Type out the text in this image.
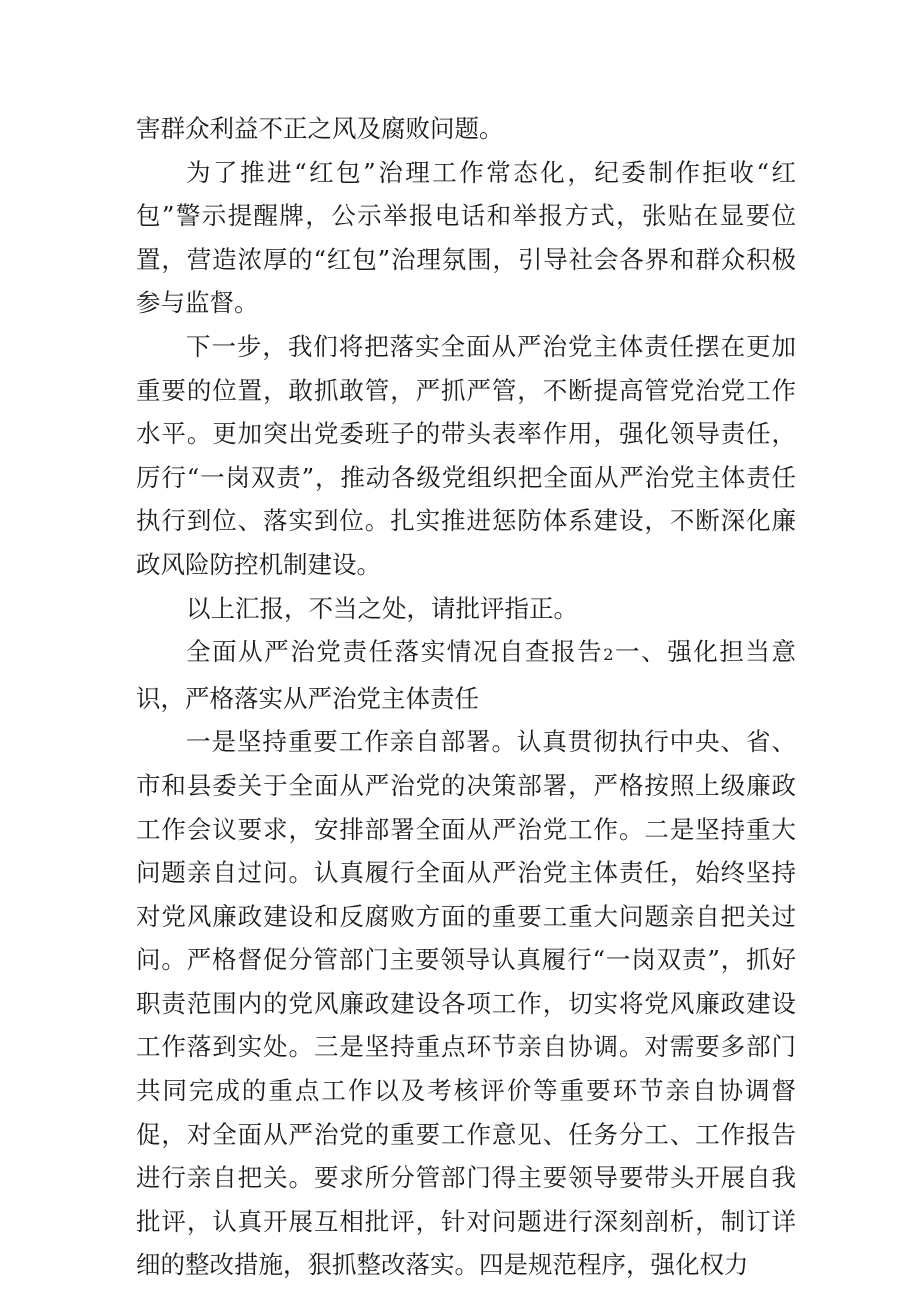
害群众利益不正之风及腐败问题。

为了推进“红包”治理工作常态化，纪委制作拒收“红包”警示提醒牌，公示举报电话和举报方式，张贴在显要位置，营造浓厚的“红包”治理氛围，引导社会各界和群众积极参与监督。

下一步，我们将把落实全面从严治党主体责任摆在更加重要的位置，敢抓敢管，严抓严管，不断提高管党治党工作水平。更加突出党委班子的带头表率作用，强化领导责任，厉行“一岗双责”，推动各级党组织把全面从严治党主体责任执行到位、落实到位。扎实推进惩防体系建设，不断深化廉政风险防控机制建设。

以上汇报，不当之处，请批评指正。

全面从严治党责任落实情况自查报告2一、强化担当意识，严格落实从严治党主体责任

一是坚持重要工作亲自部署。认真贯彻执行中央、省、市和县委关于全面从严治党的决策部署，严格按照上级廉政工作会议要求，安排部署全面从严治党工作。二是坚持重大问题亲自过问。认真履行全面从严治党主体责任，始终坚持对党风廉政建设和反腐败方面的重要工重大问题亲自把关过问。严格督促分管部门主要领导认真履行“一岗双责”，抓好职责范围内的党风廉政建设各项工作，切实将党风廉政建设工作落到实处。三是坚持重点环节亲自协调。对需要多部门共同完成的重点工作以及考核评价等重要环节亲自协调督促，对全面从严治党的重要工作意见、任务分工、工作报告进行亲自把关。要求所分管部门得主要领导要带头开展自我批评，认真开展互相批评，针对问题进行深刻剖析，制订详细的整改措施，狠抓整改落实。四是规范程序，强化权力
